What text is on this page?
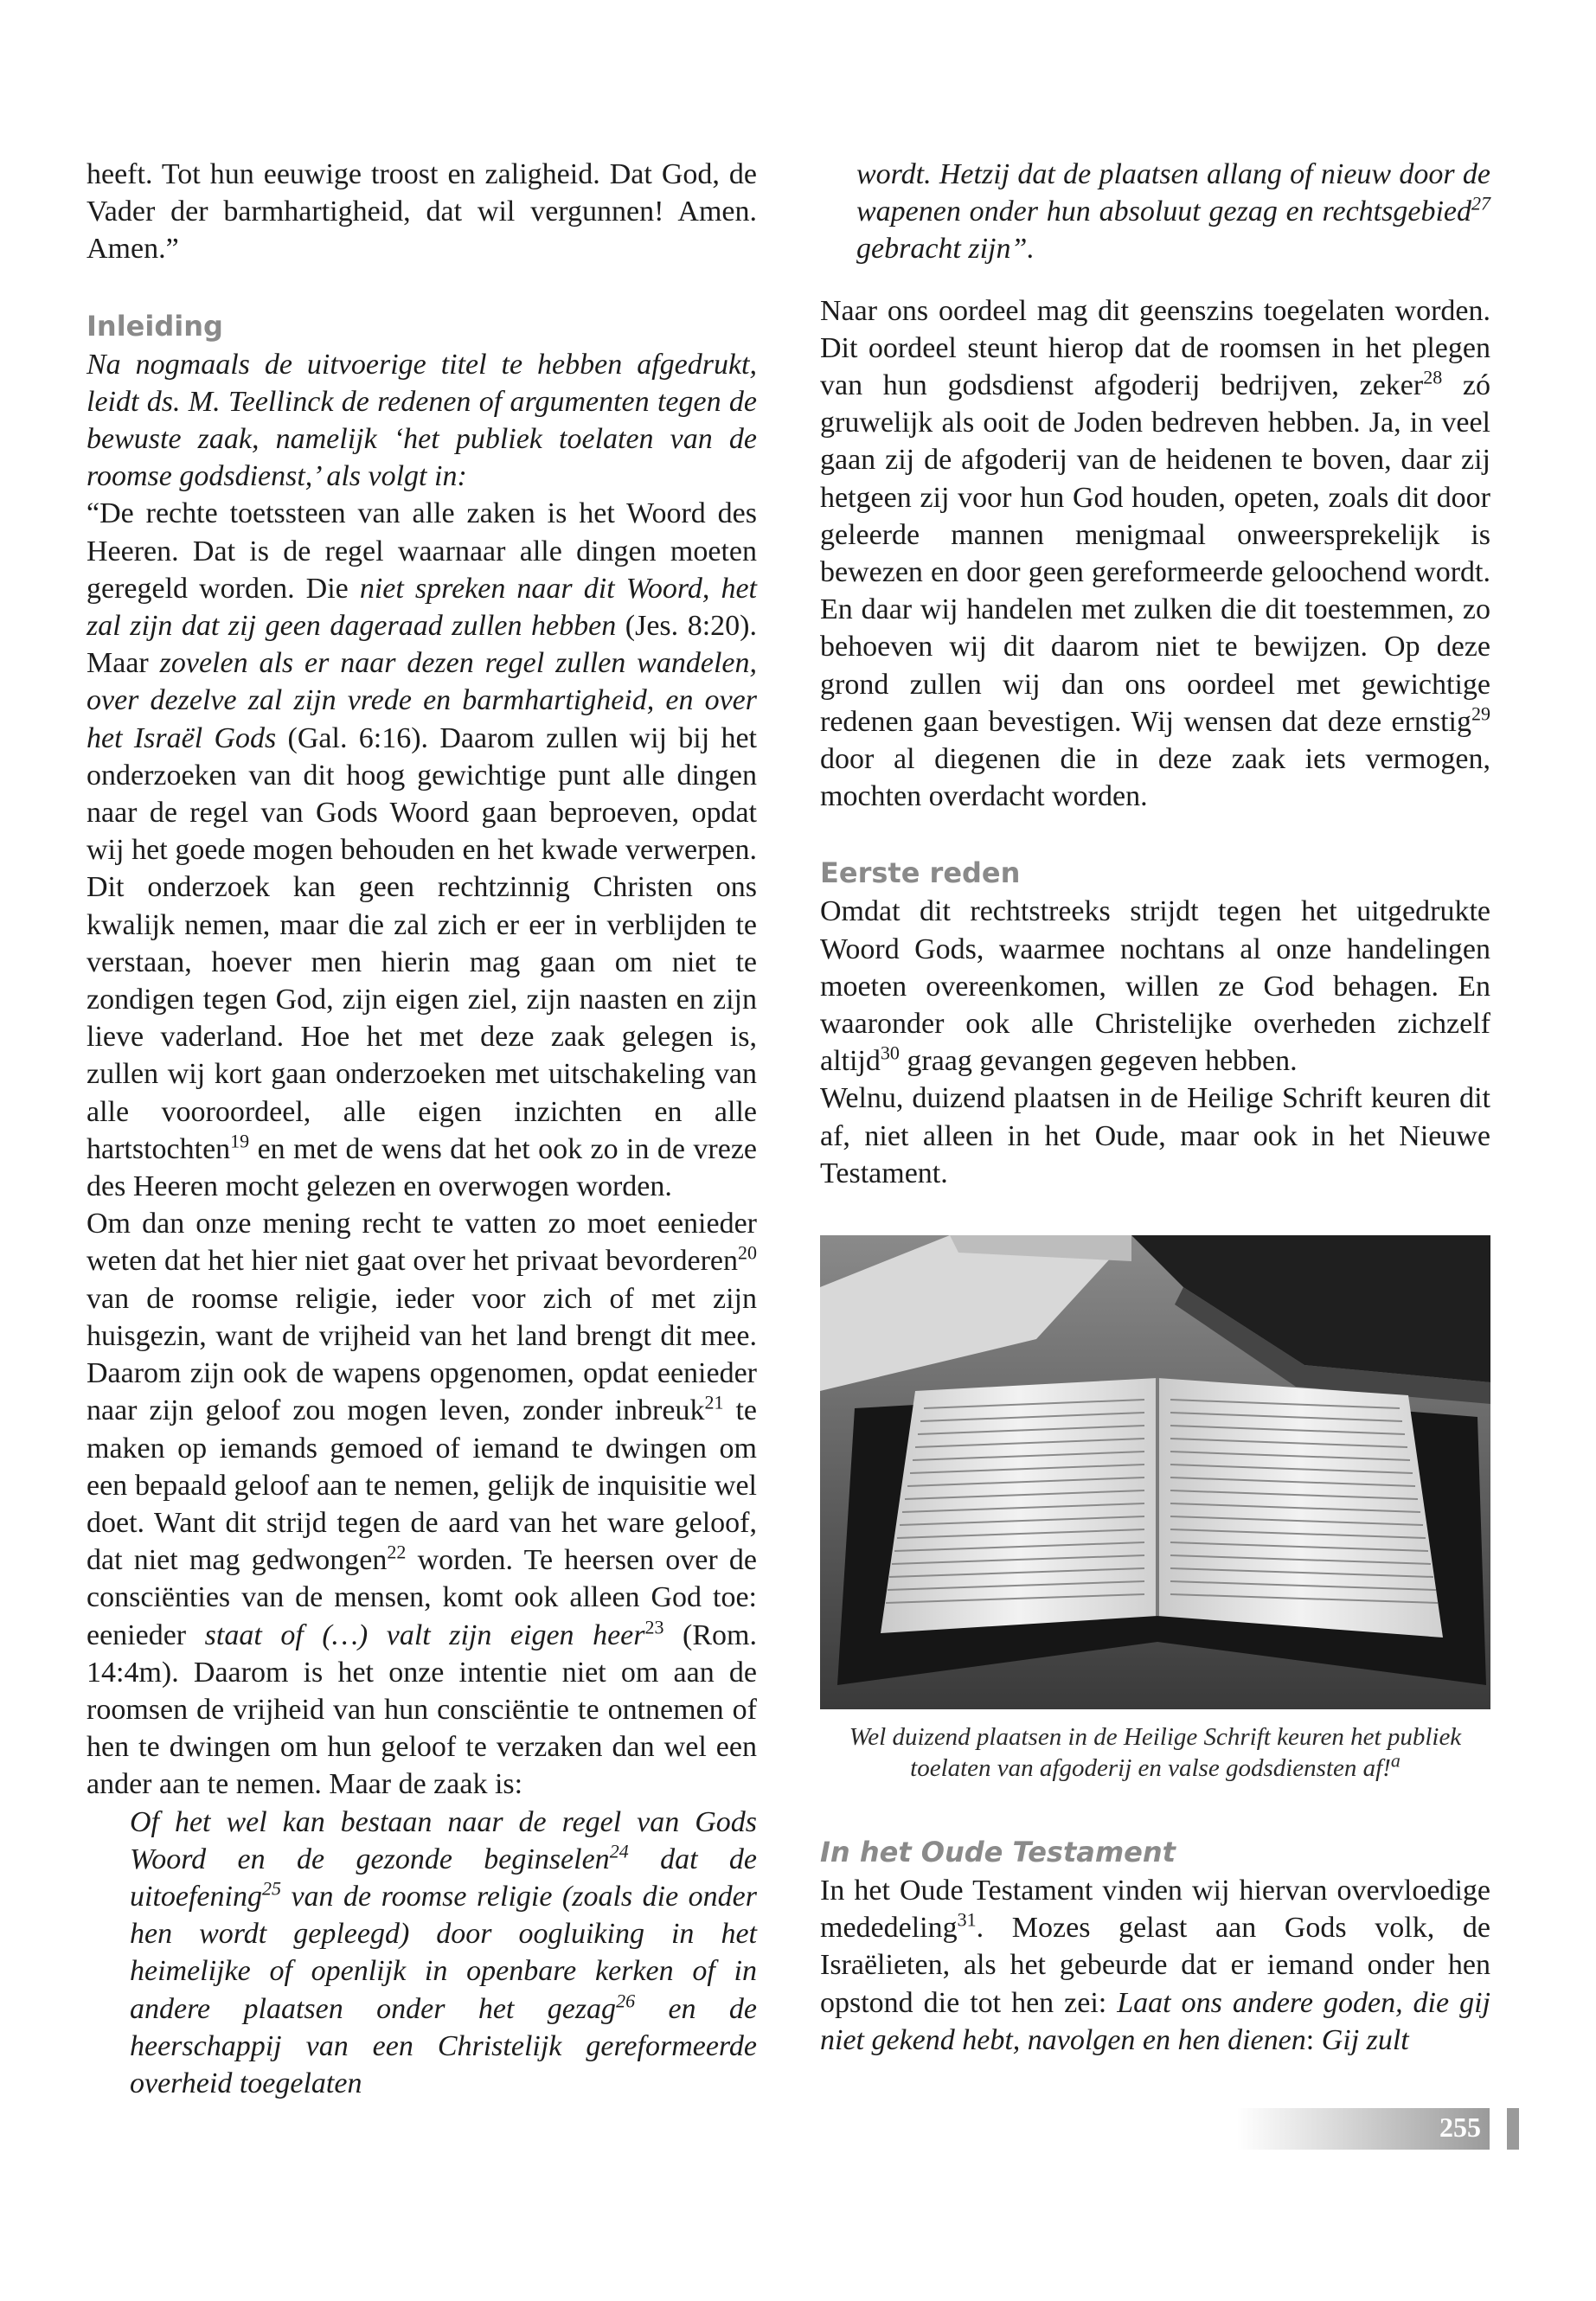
heeft. Tot hun eeuwige troost en zaligheid. Dat God, de Vader der barmhartigheid, dat wil vergunnen! Amen. Amen.”

Inleiding

Na nogmaals de uitvoerige titel te hebben afgedrukt, leidt ds. M. Teellinck de redenen of argumenten tegen de bewuste zaak, namelijk ‘het publiek toelaten van de roomse godsdienst,’ als volgt in:

“De rechte toetssteen van alle zaken is het Woord des Heeren. Dat is de regel waarnaar alle dingen moeten geregeld worden. Die niet spreken naar dit Woord, het zal zijn dat zij geen dageraad zullen hebben (Jes. 8:20). Maar zovelen als er naar dezen regel zullen wandelen, over dezelve zal zijn vrede en barmhartigheid, en over het Israël Gods (Gal. 6:16). Daarom zullen wij bij het onderzoeken van dit hoog gewichtige punt alle dingen naar de regel van Gods Woord gaan beproeven, opdat wij het goede mogen behouden en het kwade verwerpen. Dit onderzoek kan geen rechtzinnig Christen ons kwalijk nemen, maar die zal zich er eer in verblijden te verstaan, hoever men hierin mag gaan om niet te zondigen tegen God, zijn eigen ziel, zijn naasten en zijn lieve vaderland. Hoe het met deze zaak gelegen is, zullen wij kort gaan onderzoeken met uitschakeling van alle vooroordeel, alle eigen inzichten en alle hartstochten$^{19}$ en met de wens dat het ook zo in de vreze des Heeren mocht gelezen en overwogen worden.

Om dan onze mening recht te vatten zo moet eenieder weten dat het hier niet gaat over het privaat bevorderen$^{20}$ van de roomse religie, ieder voor zich of met zijn huisgezin, want de vrijheid van het land brengt dit mee. Daarom zijn ook de wapens opgenomen, opdat eenieder naar zijn geloof zou mogen leven, zonder inbreuk$^{21}$ te maken op iemands gemoed of iemand te dwingen om een bepaald geloof aan te nemen, gelijk de inquisitie wel doet. Want dit strijd tegen de aard van het ware geloof, dat niet mag gedwongen$^{22}$ worden. Te heersen over de consciënties van de mensen, komt ook alleen God toe: eenieder staat of (…) valt zijn eigen heer$^{23}$ (Rom. 14:4m). Daarom is het onze intentie niet om aan de roomsen de vrijheid van hun consciëntie te ontnemen of hen te dwingen om hun geloof te verzaken dan wel een ander aan te nemen. Maar de zaak is:

Of het wel kan bestaan naar de regel van Gods Woord en de gezonde beginselen$^{24}$ dat de uitoefening$^{25}$ van de roomse religie (zoals die onder hen wordt gepleegd) door oogluiking in het heimelijke of openlijk in openbare kerken of in andere plaatsen onder het gezag$^{26}$ en de heerschappij van een Christelijk gereformeerde overheid toegelaten

wordt. Hetzij dat de plaatsen allang of nieuw door de wapenen onder hun absoluut gezag en rechtsgebied$^{27}$ gebracht zijn”.

Naar ons oordeel mag dit geenszins toegelaten worden. Dit oordeel steunt hierop dat de roomsen in het plegen van hun godsdienst afgoderij bedrijven, zeker$^{28}$ zó gruwelijk als ooit de Joden bedreven hebben. Ja, in veel gaan zij de afgoderij van de heidenen te boven, daar zij hetgeen zij voor hun God houden, opeten, zoals dit door geleerde mannen menigmaal onweersprekelijk is bewezen en door geen gereformeerde geloochend wordt. En daar wij handelen met zulken die dit toestemmen, zo behoeven wij dit daarom niet te bewijzen. Op deze grond zullen wij dan ons oordeel met gewichtige redenen gaan bevestigen. Wij wensen dat deze ernstig$^{29}$ door al diegenen die in deze zaak iets vermogen, mochten overdacht worden.

Eerste reden

Omdat dit rechtstreeks strijdt tegen het uitgedrukte Woord Gods, waarmee nochtans al onze handelingen moeten overeenkomen, willen ze God behagen. En waaronder ook alle Christelijke overheden zichzelf altijd$^{30}$ graag gevangen gegeven hebben.

Welnu, duizend plaatsen in de Heilige Schrift keuren dit af, niet alleen in het Oude, maar ook in het Nieuwe Testament.

Wel duizend plaatsen in de Heilige Schrift keuren het publiek toelaten van afgoderij en valse godsdiensten af!$^a$

In het Oude Testament

In het Oude Testament vinden wij hiervan overvloedige mededeling$^{31}$. Mozes gelast aan Gods volk, de Israëlieten, als het gebeurde dat er iemand onder hen opstond die tot hen zei: Laat ons andere goden, die gij niet gekend hebt, navolgen en hen dienen: Gij zult

255
